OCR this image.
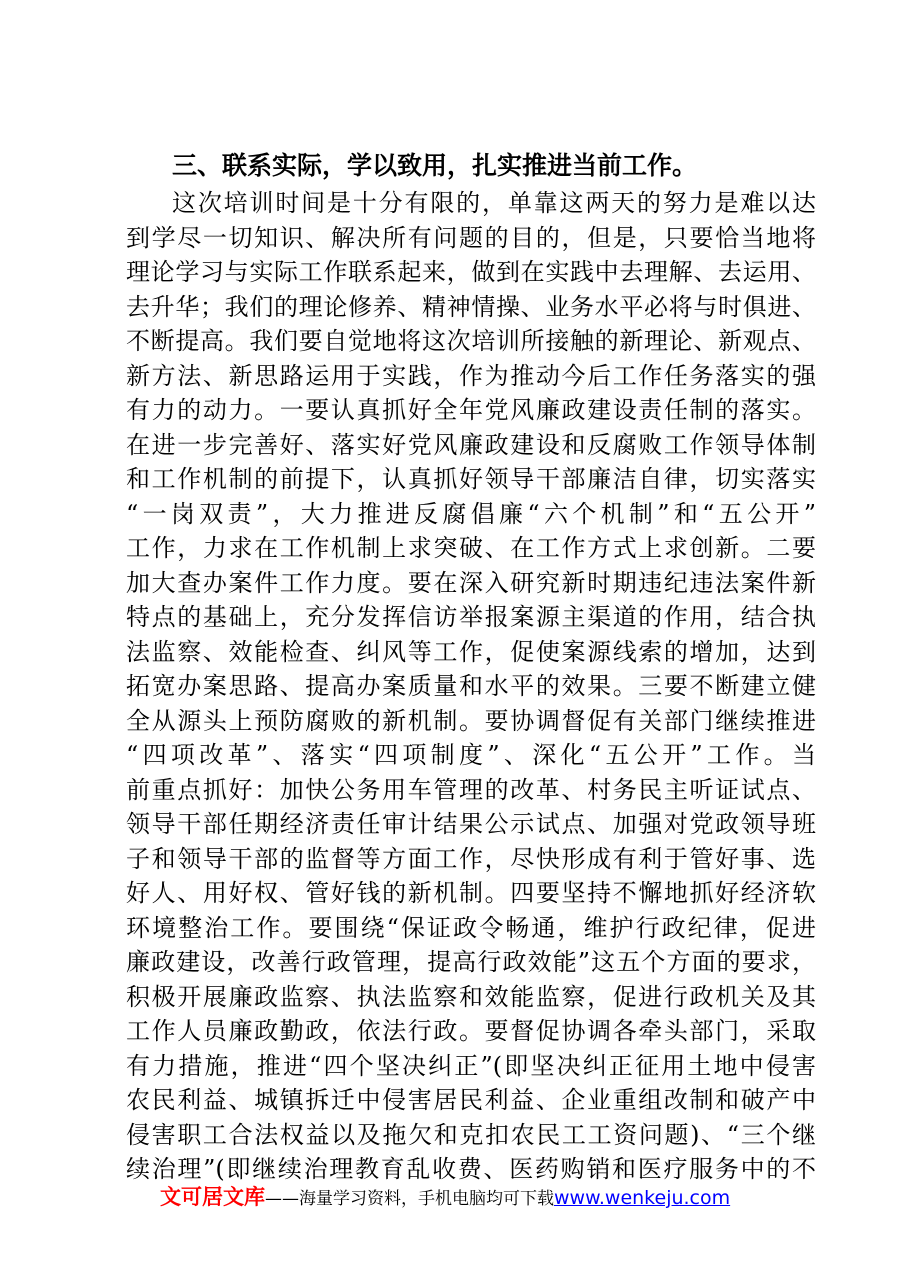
三、联系实际，学以致用，扎实推进当前工作。
这次培训时间是十分有限的，单靠这两天的努力是难以达
到学尽一切知识、解决所有问题的目的，但是，只要恰当地将
理论学习与实际工作联系起来，做到在实践中去理解、去运用、
去升华；我们的理论修养、精神情操、业务水平必将与时俱进、
不断提高。我们要自觉地将这次培训所接触的新理论、新观点、
新方法、新思路运用于实践，作为推动今后工作任务落实的强
有力的动力。一要认真抓好全年党风廉政建设责任制的落实。
在进一步完善好、落实好党风廉政建设和反腐败工作领导体制
和工作机制的前提下，认真抓好领导干部廉洁自律，切实落实
“一岗双责”，大力推进反腐倡廉“六个机制”和“五公开”
工作，力求在工作机制上求突破、在工作方式上求创新。二要
加大查办案件工作力度。要在深入研究新时期违纪违法案件新
特点的基础上，充分发挥信访举报案源主渠道的作用，结合执
法监察、效能检查、纠风等工作，促使案源线索的增加，达到
拓宽办案思路、提高办案质量和水平的效果。三要不断建立健
全从源头上预防腐败的新机制。要协调督促有关部门继续推进
“四项改革”、落实“四项制度”、深化“五公开”工作。当
前重点抓好：加快公务用车管理的改革、村务民主听证试点、
领导干部任期经济责任审计结果公示试点、加强对党政领导班
子和领导干部的监督等方面工作，尽快形成有利于管好事、选
好人、用好权、管好钱的新机制。四要坚持不懈地抓好经济软
环境整治工作。要围绕“保证政令畅通，维护行政纪律，促进
廉政建设，改善行政管理，提高行政效能”这五个方面的要求，
积极开展廉政监察、执法监察和效能监察，促进行政机关及其
工作人员廉政勤政，依法行政。要督促协调各牵头部门，采取
有力措施，推进“四个坚决纠正”(即坚决纠正征用土地中侵害
农民利益、城镇拆迁中侵害居民利益、企业重组改制和破产中
侵害职工合法权益以及拖欠和克扣农民工工资问题)、“三个继
续治理”(即继续治理教育乱收费、医药购销和医疗服务中的不
文可居文库——海量学习资料，手机电脑均可下载www.wenkeju.com
